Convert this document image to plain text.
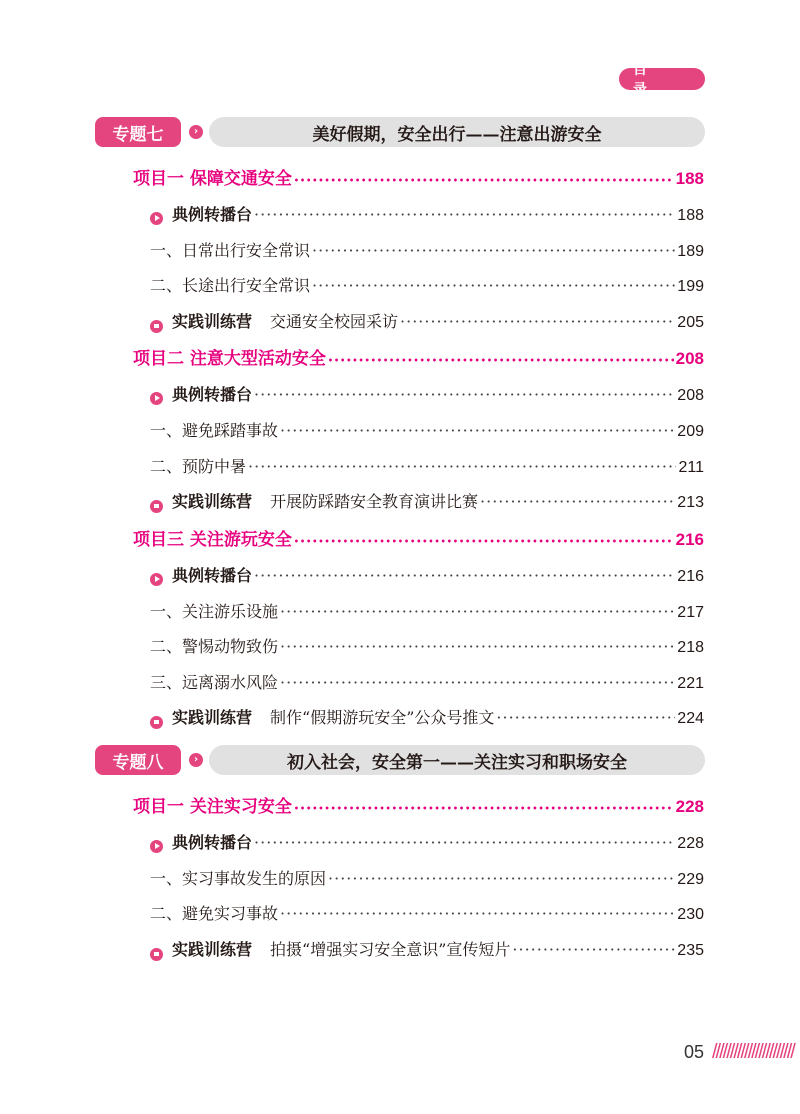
目 录
专题七	›	美好假期，安全出行——注意出游安全
项目一 保障交通安全 •••••	188
典例转播台 ·····	188
一、日常出行安全常识 ·····	189
二、长途出行安全常识 ·····	199
实践训练营 交通安全校园采访 ·····	205
项目二 注意大型活动安全 •••••	208
典例转播台 ·····	208
一、避免踩踏事故 ·····	209
二、预防中暑 ·····	211
实践训练营 开展防踩踏安全教育演讲比赛 ·····	213
项目三 关注游玩安全 •••••	216
典例转播台 ·····	216
一、关注游乐设施 ·····	217
二、警惕动物致伤 ·····	218
三、远离溺水风险 ·····	221
实践训练营 制作“假期游玩安全”公众号推文 ·····	224
专题八	›	初入社会，安全第一——关注实习和职场安全
项目一 关注实习安全 •••••	228
典例转播台 ·····	228
一、实习事故发生的原因 ·····	229
二、避免实习事故 ·····	230
实践训练营 拍摄“增强实习安全意识”宣传短片 ·····	235
05 ///////////////////////
